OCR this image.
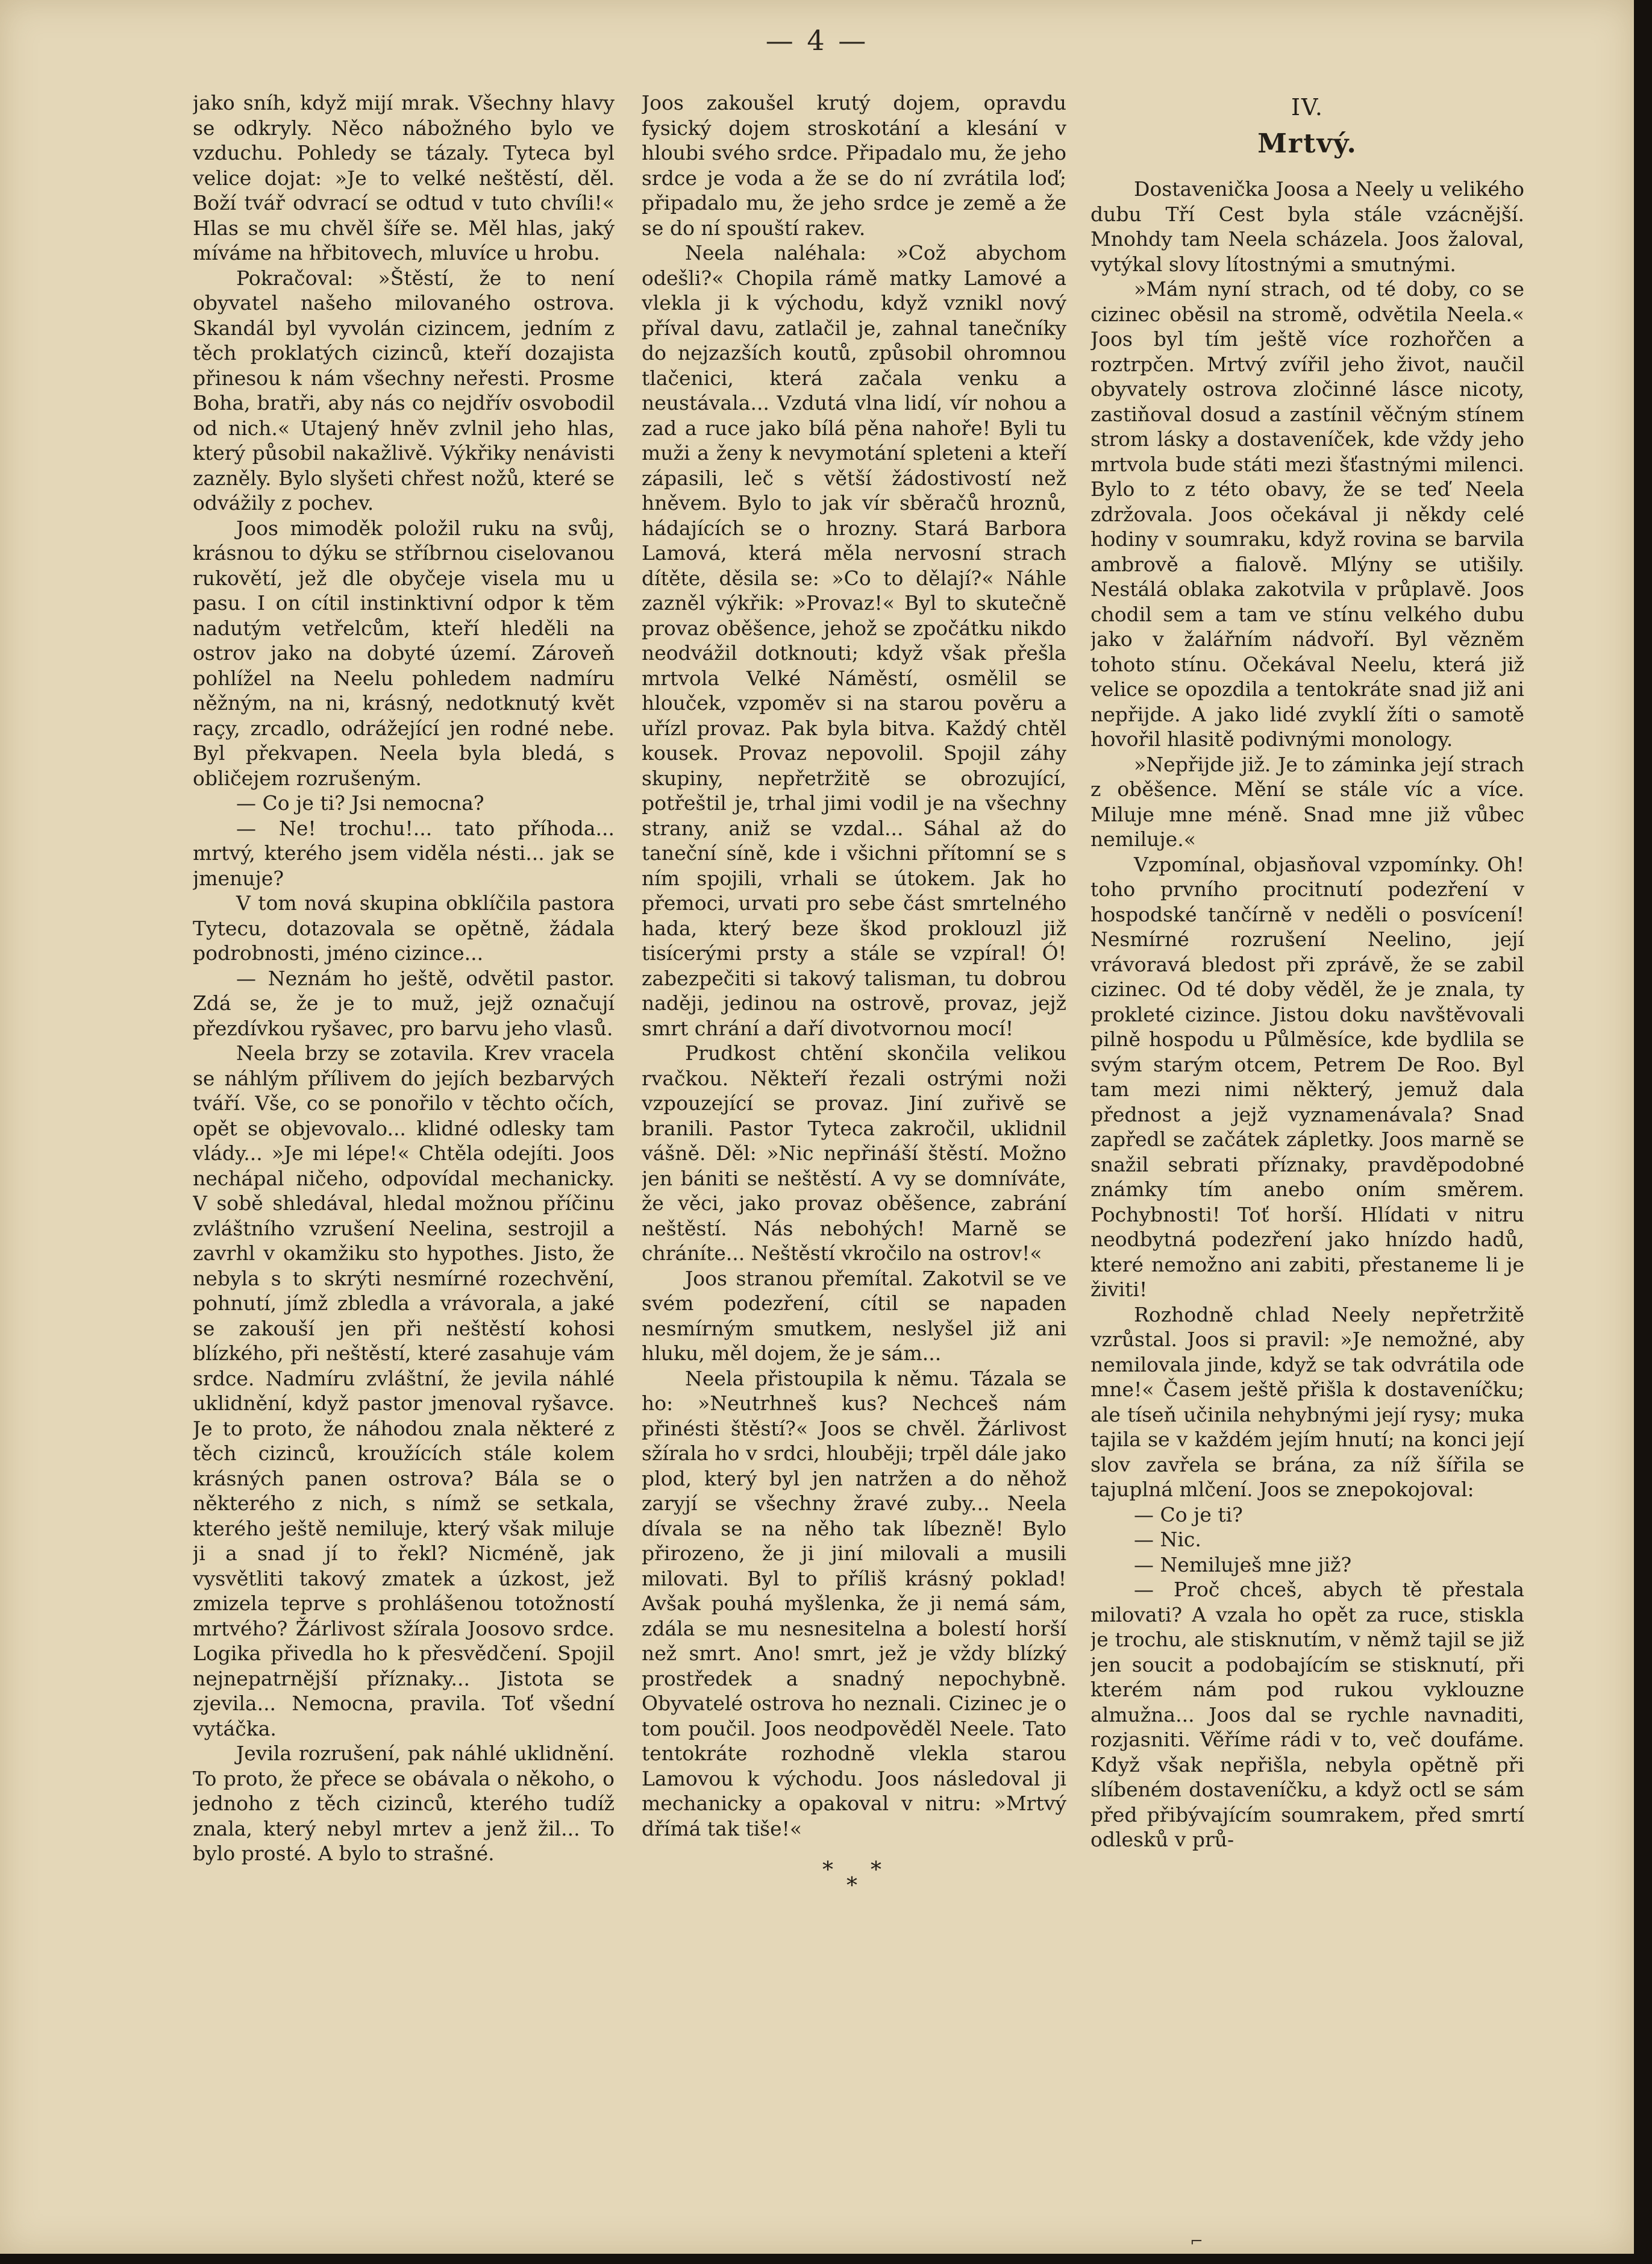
— 4 —

jako sníh, když mijí mrak. Všechny hlavy se odkryly. Něco nábožného bylo ve vzduchu. Pohledy se tázaly. Tyteca byl velice dojat: »Je to velké neštěstí, děl. Boží tvář odvrací se odtud v tuto chvíli!« Hlas se mu chvěl šíře se. Měl hlas, jaký míváme na hřbitovech, mluvíce u hrobu.

Pokračoval: »Štěstí, že to není obyvatel našeho milovaného ostrova. Skandál byl vyvolán cizincem, jedním z těch proklatých cizinců, kteří dozajista přinesou k nám všechny neřesti. Prosme Boha, bratři, aby nás co nejdřív osvobodil od nich.« Utajený hněv zvlnil jeho hlas, který působil nakažlivě. Výkřiky nenávisti zazněly. Bylo slyšeti chřest nožů, které se odvážily z pochev.

Joos mimoděk položil ruku na svůj, krásnou to dýku se stříbrnou ciselovanou rukovětí, jež dle obyčeje visela mu u pasu. I on cítil instinktivní odpor k těm nadutým vetřelcům, kteří hleděli na ostrov jako na dobyté území. Zároveň pohlížel na Neelu pohledem nadmíru něžným, na ni, krásný, nedotknutý květ raçy, zrcadlo, odrážející jen rodné nebe. Byl překvapen. Neela byla bledá, s obličejem rozrušeným.

— Co je ti? Jsi nemocna?

— Ne! trochu!... tato příhoda... mrtvý, kterého jsem viděla nésti... jak se jmenuje?

V tom nová skupina obklíčila pastora Tytecu, dotazovala se opětně, žádala podrobnosti, jméno cizince...

— Neznám ho ještě, odvětil pastor. Zdá se, že je to muž, jejž označují přezdívkou ryšavec, pro barvu jeho vlasů.

Neela brzy se zotavila. Krev vracela se náhlým přílivem do jejích bezbarvých tváří. Vše, co se ponořilo v těchto očích, opět se objevovalo... klidné odlesky tam vlády... »Je mi lépe!« Chtěla odejíti. Joos nechápal ničeho, odpovídal mechanicky. V sobě shledával, hledal možnou příčinu zvláštního vzrušení Neelina, sestrojil a zavrhl v okamžiku sto hypothes. Jisto, že nebyla s to skrýti nesmírné rozechvění, pohnutí, jímž zbledla a vrávorala, a jaké se zakouší jen při neštěstí kohosi blízkého, při neštěstí, které zasahuje vám srdce. Nadmíru zvláštní, že jevila náhlé uklidnění, když pastor jmenoval ryšavce. Je to proto, že náhodou znala některé z těch cizinců, kroužících stále kolem krásných panen ostrova? Bála se o některého z nich, s nímž se setkala, kterého ještě nemiluje, který však miluje ji a snad jí to řekl? Nicméně, jak vysvětliti takový zmatek a úzkost, jež zmizela teprve s prohlášenou totožností mrtvého? Žárlivost sžírala Joosovo srdce. Logika přivedla ho k přesvědčení. Spojil nejnepatrnější příznaky... Jistota se zjevila... Nemocna, pravila. Toť všední vytáčka.

Jevila rozrušení, pak náhlé uklidnění. To proto, že přece se obávala o někoho, o jednoho z těch cizinců, kterého tudíž znala, který nebyl mrtev a jenž žil... To bylo prosté. A bylo to strašné.

Joos zakoušel krutý dojem, opravdu fysický dojem stroskotání a klesání v hloubi svého srdce. Připadalo mu, že jeho srdce je voda a že se do ní zvrátila loď; připadalo mu, že jeho srdce je země a že se do ní spouští rakev.

Neela naléhala: »Což abychom odešli?« Chopila rámě matky Lamové a vlekla ji k východu, když vznikl nový příval davu, zatlačil je, zahnal tanečníky do nejzazších koutů, způsobil ohromnou tlačenici, která začala venku a neustávala... Vzdutá vlna lidí, vír nohou a zad a ruce jako bílá pěna nahoře! Byli tu muži a ženy k nevymotání spleteni a kteří zápasili, leč s větší žádostivostí než hněvem. Bylo to jak vír sběračů hroznů, hádajících se o hrozny. Stará Barbora Lamová, která měla nervosní strach dítěte, děsila se: »Co to dělají?« Náhle zazněl výkřik: »Provaz!« Byl to skutečně provaz oběšence, jehož se zpočátku nikdo neodvážil dotknouti; když však přešla mrtvola Velké Náměstí, osmělil se hlouček, vzpoměv si na starou pověru a uřízl provaz. Pak byla bitva. Každý chtěl kousek. Provaz nepovolil. Spojil záhy skupiny, nepřetržitě se obrozující, potřeštil je, trhal jimi vodil je na všechny strany, aniž se vzdal... Sáhal až do taneční síně, kde i všichni přítomní se s ním spojili, vrhali se útokem. Jak ho přemoci, urvati pro sebe část smrtelného hada, který beze škod proklouzl již tisícerými prsty a stále se vzpíral! Ó! zabezpečiti si takový talisman, tu dobrou naději, jedinou na ostrově, provaz, jejž smrt chrání a daří divotvornou mocí!

Prudkost chtění skončila velikou rvačkou. Někteří řezali ostrými noži vzpouzející se provaz. Jiní zuřivě se branili. Pastor Tyteca zakročil, uklidnil vášně. Děl: »Nic nepřináší štěstí. Možno jen bániti se neštěstí. A vy se domníváte, že věci, jako provaz oběšence, zabrání neštěstí. Nás nebohých! Marně se chráníte... Neštěstí vkročilo na ostrov!«

Joos stranou přemítal. Zakotvil se ve svém podezření, cítil se napaden nesmírným smutkem, neslyšel již ani hluku, měl dojem, že je sám...

Neela přistoupila k němu. Tázala se ho: »Neutrhneš kus? Nechceš nám přinésti štěstí?« Joos se chvěl. Žárlivost sžírala ho v srdci, hlouběji; trpěl dále jako plod, který byl jen natržen a do něhož zaryjí se všechny žravé zuby... Neela dívala se na něho tak líbezně! Bylo přirozeno, že ji jiní milovali a musili milovati. Byl to příliš krásný poklad! Avšak pouhá myšlenka, že ji nemá sám, zdála se mu nesnesitelna a bolestí horší než smrt. Ano! smrt, jež je vždy blízký prostředek a snadný nepochybně. Obyvatelé ostrova ho neznali. Cizinec je o tom poučil. Joos neodpověděl Neele. Tato tentokráte rozhodně vlekla starou Lamovou k východu. Joos následoval ji mechanicky a opakoval v nitru: »Mrtvý dřímá tak tiše!«

* *
*
IV.
Mrtvý.

Dostavenička Joosa a Neely u velikého dubu Tří Cest byla stále vzácnější. Mnohdy tam Neela scházela. Joos žaloval, vytýkal slovy lítostnými a smutnými.

»Mám nyní strach, od té doby, co se cizinec oběsil na stromě, odvětila Neela.« Joos byl tím ještě více rozhořčen a roztrpčen. Mrtvý zvířil jeho život, naučil obyvately ostrova zločinné lásce nicoty, zastiňoval dosud a zastínil věčným stínem strom lásky a dostaveníček, kde vždy jeho mrtvola bude státi mezi šťastnými milenci. Bylo to z této obavy, že se teď Neela zdržovala. Joos očekával ji někdy celé hodiny v soumraku, když rovina se barvila ambrově a fialově. Mlýny se utišily. Nestálá oblaka zakotvila v průplavě. Joos chodil sem a tam ve stínu velkého dubu jako v žalářním nádvoří. Byl vězněm tohoto stínu. Očekával Neelu, která již velice se opozdila a tentokráte snad již ani nepřijde. A jako lidé zvyklí žíti o samotě hovořil hlasitě podivnými monology.

»Nepřijde již. Je to záminka její strach z oběšence. Mění se stále víc a více. Miluje mne méně. Snad mne již vůbec nemiluje.«

Vzpomínal, objasňoval vzpomínky. Oh! toho prvního procitnutí podezření v hospodské tančírně v neděli o posvícení! Nesmírné rozrušení Neelino, její vrávoravá bledost při zprávě, že se zabil cizinec. Od té doby věděl, že je znala, ty prokleté cizince. Jistou doku navštěvovali pilně hospodu u Půlměsíce, kde bydlila se svým starým otcem, Petrem De Roo. Byl tam mezi nimi některý, jemuž dala přednost a jejž vyznamenávala? Snad zapředl se začátek zápletky. Joos marně se snažil sebrati příznaky, pravděpodobné známky tím anebo oním směrem. Pochybnosti! Toť horší. Hlídati v nitru neodbytná podezření jako hnízdo hadů, které nemožno ani zabiti, přestaneme li je živiti!

Rozhodně chlad Neely nepřetržitě vzrůstal. Joos si pravil: »Je nemožné, aby nemilovala jinde, když se tak odvrátila ode mne!« Časem ještě přišla k dostaveníčku; ale tíseň učinila nehybnými její rysy; muka tajila se v každém jejím hnutí; na konci její slov zavřela se brána, za níž šířila se tajuplná mlčení. Joos se znepokojoval:

— Co je ti?

— Nic.

— Nemiluješ mne již?

— Proč chceš, abych tě přestala milovati? A vzala ho opět za ruce, stiskla je trochu, ale stisknutím, v němž tajil se již jen soucit a podobajícím se stisknutí, při kterém nám pod rukou vyklouzne almužna... Joos dal se rychle navnaditi, rozjasniti. Věříme rádi v to, več doufáme. Když však nepřišla, nebyla opětně při slíbeném dostaveníčku, a když octl se sám před přibývajícím soumrakem, před smrtí odlesků v prů-

⌐
